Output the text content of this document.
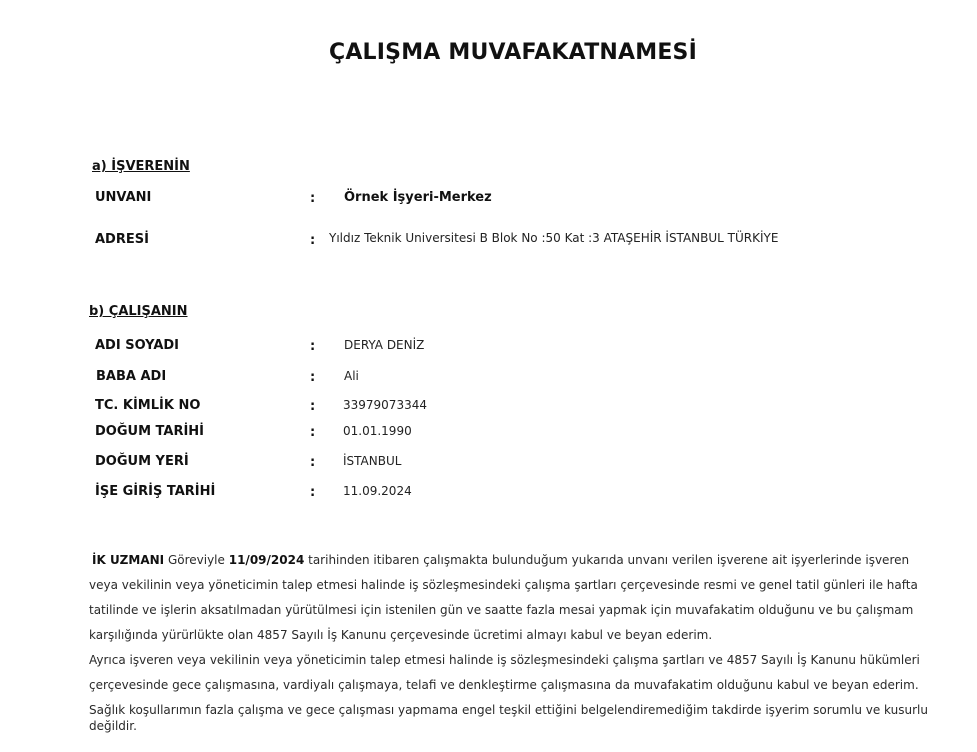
ÇALIŞMA MUVAFAKATNAMESİ
a) İŞVERENİN
UNVANI	: Örnek İşyeri-Merkez
ADRESİ	: Yıldız Teknik Universitesi B Blok No :50 Kat :3 ATAŞEHİR İSTANBUL TÜRKİYE
b) ÇALIŞANIN
ADI SOYADI	: DERYA DENİZ
BABA ADI	: Ali
TC. KİMLİK NO	: 33979073344
DOĞUM TARİHİ	: 01.01.1990
DOĞUM YERİ	: İSTANBUL
İŞE GİRİŞ TARİHİ	: 11.09.2024
İK UZMANI Göreviyle 11/09/2024 tarihinden itibaren çalışmakta bulunduğum yukarıda unvanı verilen işverene ait işyerlerinde işveren
veya vekilinin veya yöneticimin talep etmesi halinde iş sözleşmesindeki çalışma şartları çerçevesinde resmi ve genel tatil günleri ile hafta
tatilinde ve işlerin aksatılmadan yürütülmesi için istenilen gün ve saatte fazla mesai yapmak için muvafakatim olduğunu ve bu çalışmam
karşılığında yürürlükte olan 4857 Sayılı İş Kanunu çerçevesinde ücretimi almayı kabul ve beyan ederim.
Ayrıca işveren veya vekilinin veya yöneticimin talep etmesi halinde iş sözleşmesindeki çalışma şartları ve 4857 Sayılı İş Kanunu hükümleri
çerçevesinde gece çalışmasına, vardiyalı çalışmaya, telafi ve denkleştirme çalışmasına da muvafakatim olduğunu kabul ve beyan ederim.
Sağlık koşullarımın fazla çalışma ve gece çalışması yapmama engel teşkil ettiğini belgelendiremediğim takdirde işyerim sorumlu ve kusurlu
değildir.
